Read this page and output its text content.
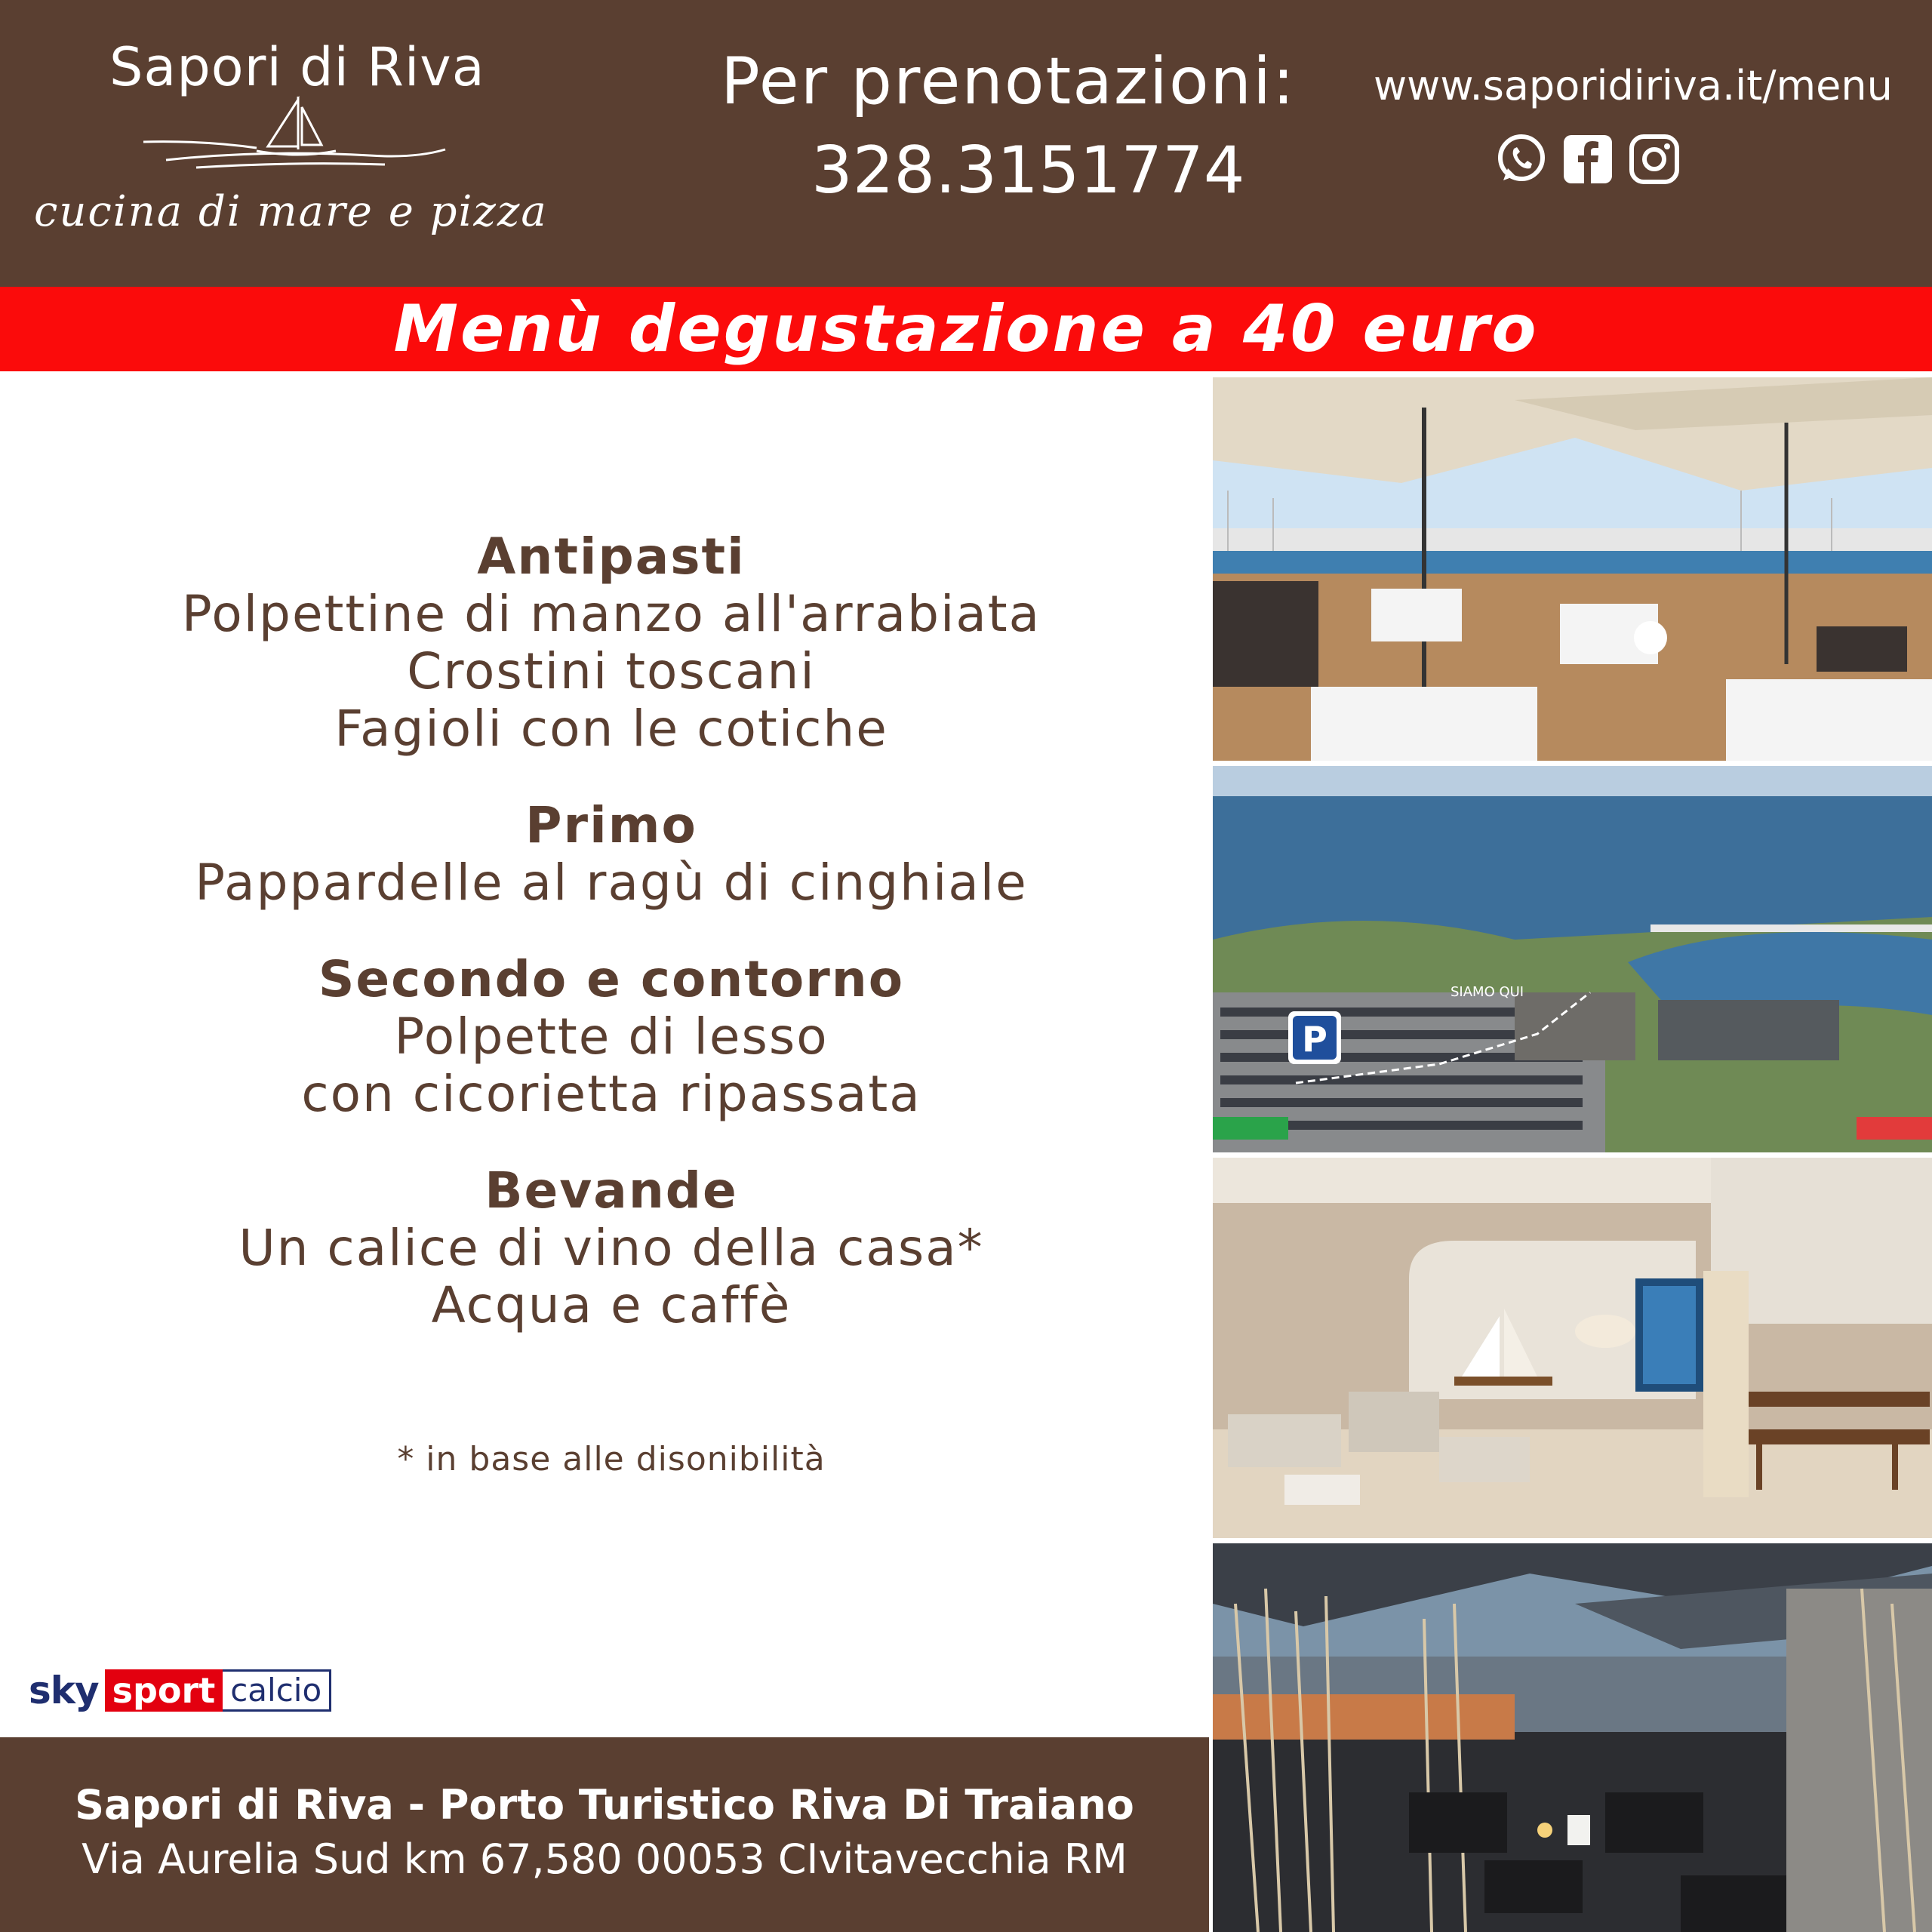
Sapori di Riva
cucina di mare e pizza
Per prenotazioni:
328.3151774
www.saporidiriva.it/menu
Menù degustazione a 40 euro
Antipasti
Polpettine di manzo all'arrabiata
Crostini toscani
Fagioli con le cotiche
Primo
Pappardelle al ragù di cinghiale
Secondo e contorno
Polpette di lesso
con cicorietta ripassata
Bevande
Un calice di vino della casa*
Acqua e caffè
* in base alle disonibilità
sky sport calcio
Sapori di Riva - Porto Turistico Riva Di Traiano
Via Aurelia Sud km 67,580 00053 CIvitavecchia RM
P
SIAMO QUI
